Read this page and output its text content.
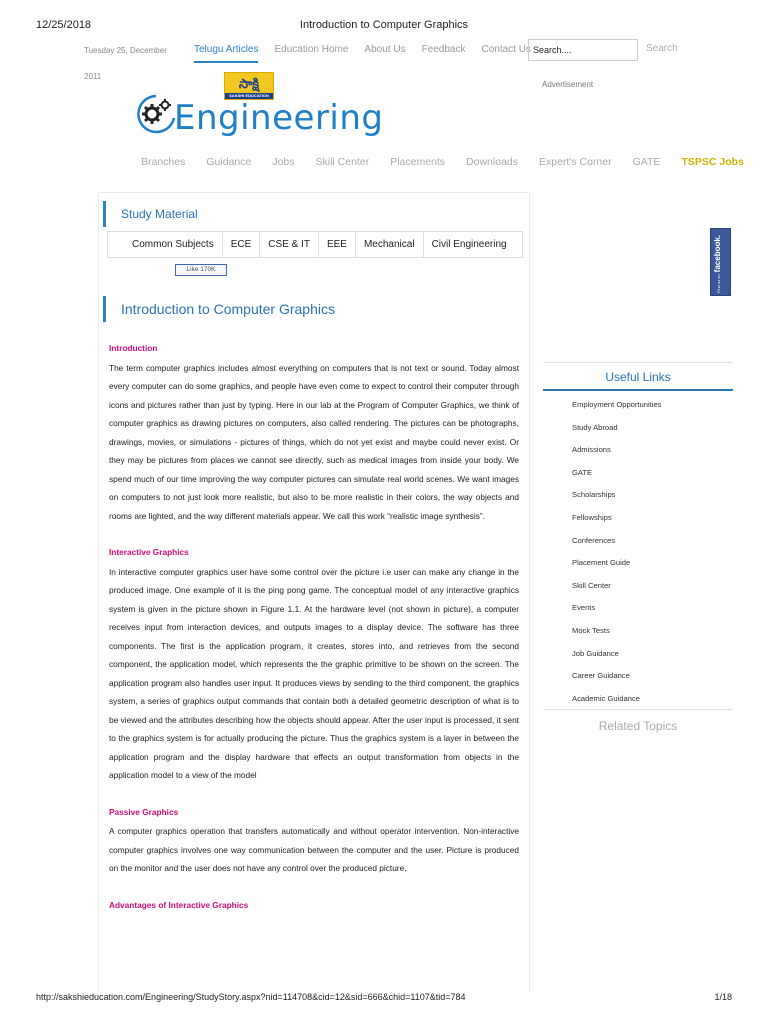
12/25/2018	Introduction to Computer Graphics
Tuesday 25, December	Telugu Articles Education Home About Us Feedback Contact Us Search....	Search
2011
Advertisement
సాక్షి
SAKSHI EDUCATION
Engineering
Branches Guidance Jobs Skill Center Placements Downloads Expert's Corner GATE TSPSC Jobs
Study Material
Common Subjects	ECE	CSE & IT	EEE	Mechanical	Civil Engineering
Like 170K
Introduction to Computer Graphics
Introduction

The term computer graphics includes almost everything on computers that is not text or sound. Today almost every computer can do some graphics, and people have even come to expect to control their computer through icons and pictures rather than just by typing. Here in our lab at the Program of Computer Graphics, we think of computer graphics as drawing pictures on computers, also called rendering. The pictures can be photographs, drawings, movies, or simulations - pictures of things, which do not yet exist and maybe could never exist. Or they may be pictures from places we cannot see directly, such as medical images from inside your body. We spend much of our time improving the way computer pictures can simulate real world scenes. We want images on computers to not just look more realistic, but also to be more realistic in their colors, the way objects and rooms are lighted, and the way different materials appear. We call this work “realistic image synthesis”.

Interactive Graphics

In interactive computer graphics user have some control over the picture i.e user can make any change in the produced image. One example of it is the ping pong game. The conceptual model of any interactive graphics system is given in the picture shown in Figure 1.1. At the hardware level (not shown in picture), a computer receives input from interaction devices, and outputs images to a display device. The software has three components. The first is the application program, it creates, stores into, and retrieves from the second component, the application model, which represents the the graphic primitive to be shown on the screen. The application program also handles user input. It produces views by sending to the third component, the graphics system, a series of graphics output commands that contain both a detailed geometric description of what is to be viewed and the attributes describing how the objects should appear. After the user input is processed, it sent to the graphics system is for actually producing the picture. Thus the graphics system is a layer in between the application program and the display hardware that effects an output transformation from objects in the application model to a view of the model

Passive Graphics

A computer graphics operation that transfers automatically and without operator intervention. Non-interactive computer graphics involves one way communication between the computer and the user. Picture is produced on the monitor and the user does not have any control over the produced picture.

Advantages of Interactive Graphics

Find us onfacebook.
Useful Links
Employment Opportunities
Study Abroad
Admissions
GATE
Scholarships
Fellowships
Conferences
Placement Guide
Skill Center
Events
Mock Tests
Job Guidance
Career Guidance
Academic Guidance
Related Topics
http://sakshieducation.com/Engineering/StudyStory.aspx?nid=114708&cid=12&sid=666&chid=1107&tid=784	1/18
